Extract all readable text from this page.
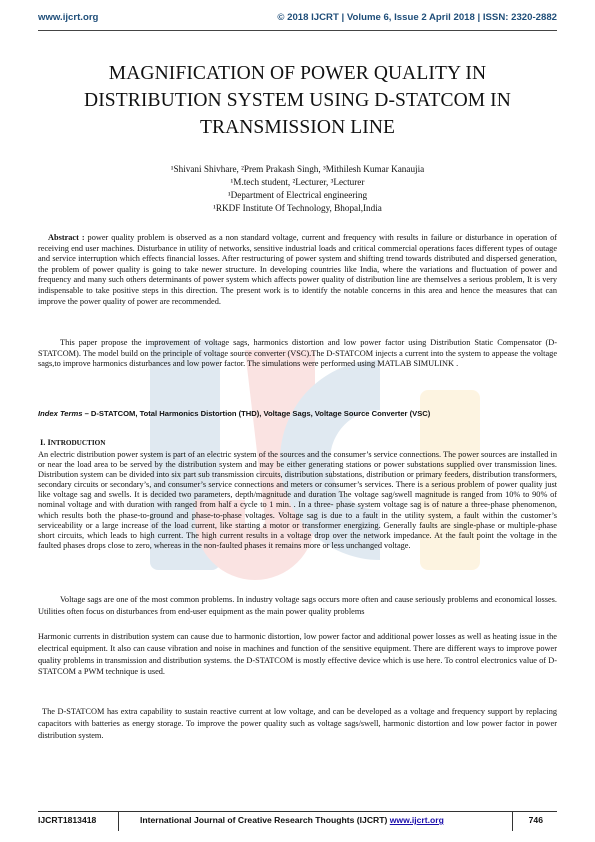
www.ijcrt.org	© 2018 IJCRT | Volume 6, Issue 2 April 2018 | ISSN: 2320-2882
MAGNIFICATION OF POWER QUALITY IN DISTRIBUTION SYSTEM USING D-STATCOM IN TRANSMISSION LINE
¹Shivani Shivhare, ²Prem Prakash Singh, ³Mithilesh Kumar Kanaujia
¹M.tech student, ²Lecturer, ³Lecturer
¹Department of Electrical engineering
¹RKDF Institute Of Technology, Bhopal,India
Abstract : power quality problem is observed as a non standard voltage, current and frequency with results in failure or disturbance in operation of receiving end user machines. Disturbance in utility of networks, sensitive industrial loads and critical commercial operations faces different types of outage and service interruption which effects financial losses. After restructuring of power system and shifting trend towards distributed and dispersed generation, the problem of power quality is going to take newer structure. In developing countries like India, where the variations and fluctuation of power and frequency and many such others determinants of power system which affects power quality of distribution line are themselves a serious problem, It is very indispensable to take positive steps in this direction. The present work is to identify the notable concerns in this area and hence the measures that can improve the power quality of power are recommended.
This paper propose the improvement of voltage sags, harmonics distortion and low power factor using Distribution Static Compensator (D-STATCOM). The model build on the principle of voltage source converter (VSC).The D-STATCOM injects a current into the system to appease the voltage sags,to improve harmonics disturbances and low power factor. The simulations were performed using MATLAB SIMULINK .
Index Terms – D-STATCOM, Total Harmonics Distortion (THD), Voltage Sags, Voltage Source Converter (VSC)
I. INTRODUCTION
An electric distribution power system is part of an electric system of the sources and the consumer’s service connections. The power sources are installed in or near the load area to be served by the distribution system and may be either generating stations or power substations supplied over transmission lines. Distribution system can be divided into six part sub transmission circuits, distribution substations, distribution or primary feeders, distribution transformers, secondary circuits or secondary’s, and consumer’s service connections and meters or consumer’s services. There is a serious problem of power quality just like voltage sag and swells. It is decided two parameters, depth/magnitude and duration The voltage sag/swell magnitude is ranged from 10% to 90% of nominal voltage and with duration with ranged from half a cycle to 1 min. . In a three- phase system voltage sag is of nature a three-phase phenomenon, which results both the phase-to-ground and phase-to-phase voltages. Voltage sag is due to a fault in the utility system, a fault within the customer’s serviceability or a large increase of the load current, like starting a motor or transformer energizing. Generally faults are single-phase or multiple-phase short circuits, which leads to high current. The high current results in a voltage drop over the network impedance. At the fault point the voltage in the faulted phases drops close to zero, whereas in the non-faulted phases it remains more or less unchanged voltage.
Voltage sags are one of the most common problems. In industry voltage sags occurs more often and cause seriously problems and economical losses. Utilities often focus on disturbances from end-user equipment as the main power quality problems
Harmonic currents in distribution system can cause due to harmonic distortion, low power factor and additional power losses as well as heating issue in the electrical equipment. It also can cause vibration and noise in machines and function of the sensitive equipment. There are different ways to improve power quality problems in transmission and distribution systems. the D-STATCOM is mostly effective device which is use here. To control electronics value of D-STATCOM a PWM technique is used.
The D-STATCOM has extra capability to sustain reactive current at low voltage, and can be developed as a voltage and frequency support by replacing capacitors with batteries as energy storage. To improve the power quality such as voltage sags/swell, harmonic distortion and low power factor in power distribution system.
IJCRT1813418	International Journal of Creative Research Thoughts (IJCRT) www.ijcrt.org	746
